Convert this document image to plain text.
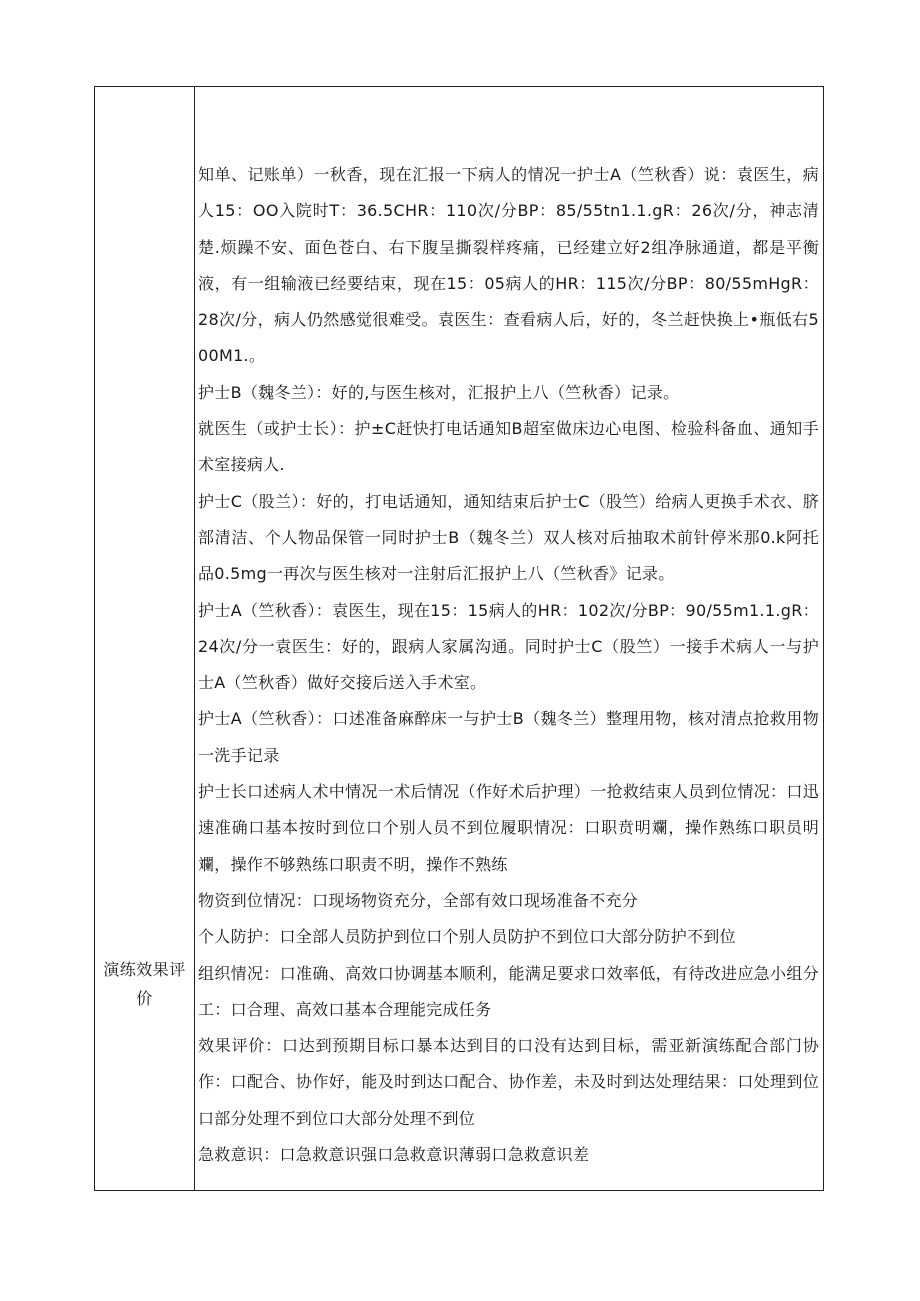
演练效果评价

知单、记账单）一秋香，现在汇报一下病人的情况一护士A（竺秋香）说：袁医生，病人15：OO入院时T：36.5CHR：110次/分BP：85∕55tn1.1.gR：26次/分，神志清楚.烦躁不安、面色苍白、右下腹呈撕裂样疼痛，已经建立好2组净脉通道，都是平衡液，有一组输液已经要结束，现在15：05病人的HR：115次/分BP：80∕55mHgR：28次/分，病人仍然感觉很难受。袁医生：查看病人后，好的，冬兰赶快换上•瓶低右500M1.。

护士B（魏冬兰）：好的,与医生核对，汇报护上八（竺秋香）记录。

就医生（或护士长）：护±C赶快打电话通知B超室做床边心电图、检验科备血、通知手术室接病人.

护士C（股兰）：好的，打电话通知，通知结束后护士C（股竺）给病人更换手术衣、脐部清洁、个人物品保管一同时护士B（魏冬兰）双人核对后抽取术前针停米那0.k阿托品0.5mg一再次与医生核对一注射后汇报护上八（竺秋香》记录。

护士A（竺秋香）：袁医生，现在15：15病人的HR：102次/分BP：90∕55m1.1.gR：24次/分一袁医生：好的，跟病人家属沟通。同时护士C（股竺）一接手术病人一与护士A（竺秋香）做好交接后送入手术室。

护士A（竺秋香）：口述准备麻醉床一与护士B（魏冬兰）整理用物，核对清点抢救用物一洗手记录

护士长口述病人术中情况一术后情况（作好术后护理）一抢救结束人员到位情况：口迅速准确口基本按时到位口个别人员不到位履职情况：口职贲明斕，操作熟练口职员明斕，操作不够熟练口职责不明，操作不熟练

物资到位情况：口现场物资充分，全部有效口现场准备不充分

个人防护：口全部人员防护到位口个别人员防护不到位口大部分防护不到位

组织情况：口准确、高效口协调基本顺利，能满足要求口效率低，有待改进应急小组分工：口合理、高效口基本合理能完成任务

效果评价：口达到预期目标口暴本达到目的口没有达到目标，需亚新演练配合部门协作：口配合、协作好，能及时到达口配合、协作差，未及时到达处理结果：口处理到位口部分处理不到位口大部分处理不到位

急救意识：口急救意识强口急救意识薄弱口急救意识差
